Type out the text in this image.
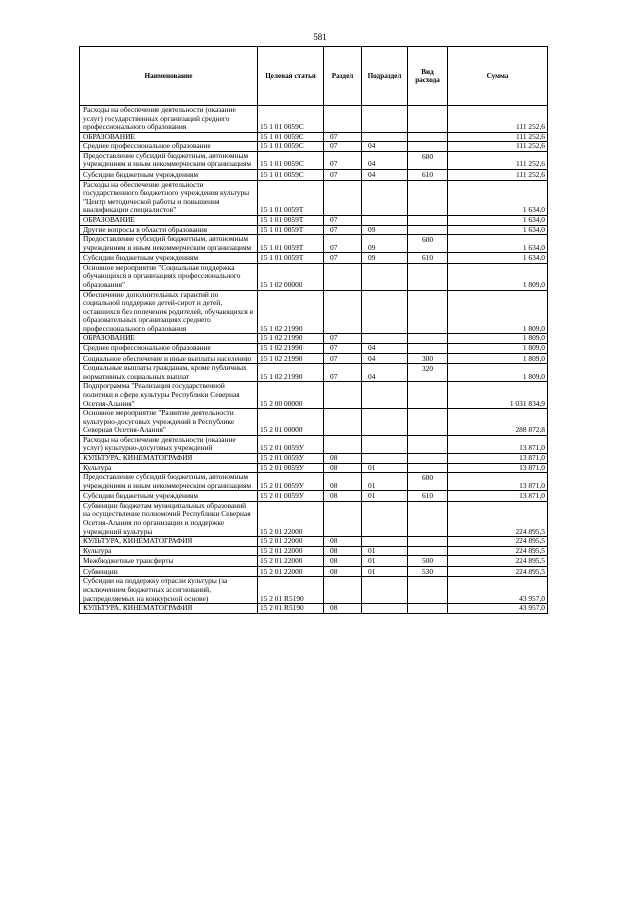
581
Наименование	Целевая статья	Раздел	Подраздел	Вид расхода	Сумма
Расходы на обеспечение деятельности (оказание услуг) государственных организаций среднего профессионального образования	15 1 01 0059С				111 252,6
ОБРАЗОВАНИЕ	15 1 01 0059С	07			111 252,6
Среднее профессиональное образование	15 1 01 0059С	07	04		111 252,6
Предоставление субсидий бюджетным, автономным учреждениям и иным некоммерческим организациям	15 1 01 0059С	07	04	600	111 252,6
Субсидии бюджетным учреждениям	15 1 01 0059С	07	04	610	111 252,6
Расходы на обеспечение деятельности государственного бюджетного учреждения культуры "Центр методической работы и повышения квалификации специалистов"	15 1 01 0059Т				1 634,0
ОБРАЗОВАНИЕ	15 1 01 0059Т	07			1 634,0
Другие вопросы в области образования	15 1 01 0059Т	07	09		1 634,0
Предоставление субсидий бюджетным, автономным учреждениям и иным некоммерческим организациям	15 1 01 0059Т	07	09	600	1 634,0
Субсидии бюджетным учреждениям	15 1 01 0059Т	07	09	610	1 634,0
Основное мероприятие "Социальная поддержка обучающихся в организациях профессионального образования"	15 1 02 00000				1 809,0
Обеспечение дополнительных гарантий по социальной поддержке детей-сирот и детей, оставшихся без попечения родителей, обучающихся в образовательных организациях среднего профессионального образования	15 1 02 21990				1 809,0
ОБРАЗОВАНИЕ	15 1 02 21990	07			1 809,0
Среднее профессиональное образование	15 1 02 21990	07	04		1 809,0
Социальное обеспечение и иные выплаты населению	15 1 02 21990	07	04	300	1 809,0
Социальные выплаты гражданам, кроме публичных нормативных социальных выплат	15 1 02 21990	07	04	320	1 809,0
Подпрограмма "Реализация государственной политики в сфере культуры Республики Северная Осетия-Алания"	15 2 00 00000				1 031 834,9
Основное мероприятие "Развитие деятельности культурно-досуговых учреждений в Республике Северная Осетия-Алания"	15 2 01 00000				288 872,8
Расходы на обеспечение деятельности (оказание услуг) культурно-досуговых учреждений	15 2 01 0059У				13 871,0
КУЛЬТУРА, КИНЕМАТОГРАФИЯ	15 2 01 0059У	08			13 871,0
Культура	15 2 01 0059У	08	01		13 871,0
Предоставление субсидий бюджетным, автономным учреждениям и иным некоммерческим организациям	15 2 01 0059У	08	01	600	13 871,0
Субсидии бюджетным учреждениям	15 2 01 0059У	08	01	610	13 871,0
Субвенции бюджетам муниципальных образований на осуществление полномочий Республики Северная Осетия-Алания по организации и поддержке учреждений культуры	15 2 01 22000				224 895,5
КУЛЬТУРА, КИНЕМАТОГРАФИЯ	15 2 01 22000	08			224 895,5
Культура	15 2 01 22000	08	01		224 895,5
Межбюджетные трансферты	15 2 01 22000	08	01	500	224 895,5
Субвенции	15 2 01 22000	08	01	530	224 895,5
Субсидии на поддержку отрасли культуры (за исключением бюджетных ассигнований, распределяемых на конкурсной основе)	15 2 01 R5190				43 957,0
КУЛЬТУРА, КИНЕМАТОГРАФИЯ	15 2 01 R5190	08			43 957,0
